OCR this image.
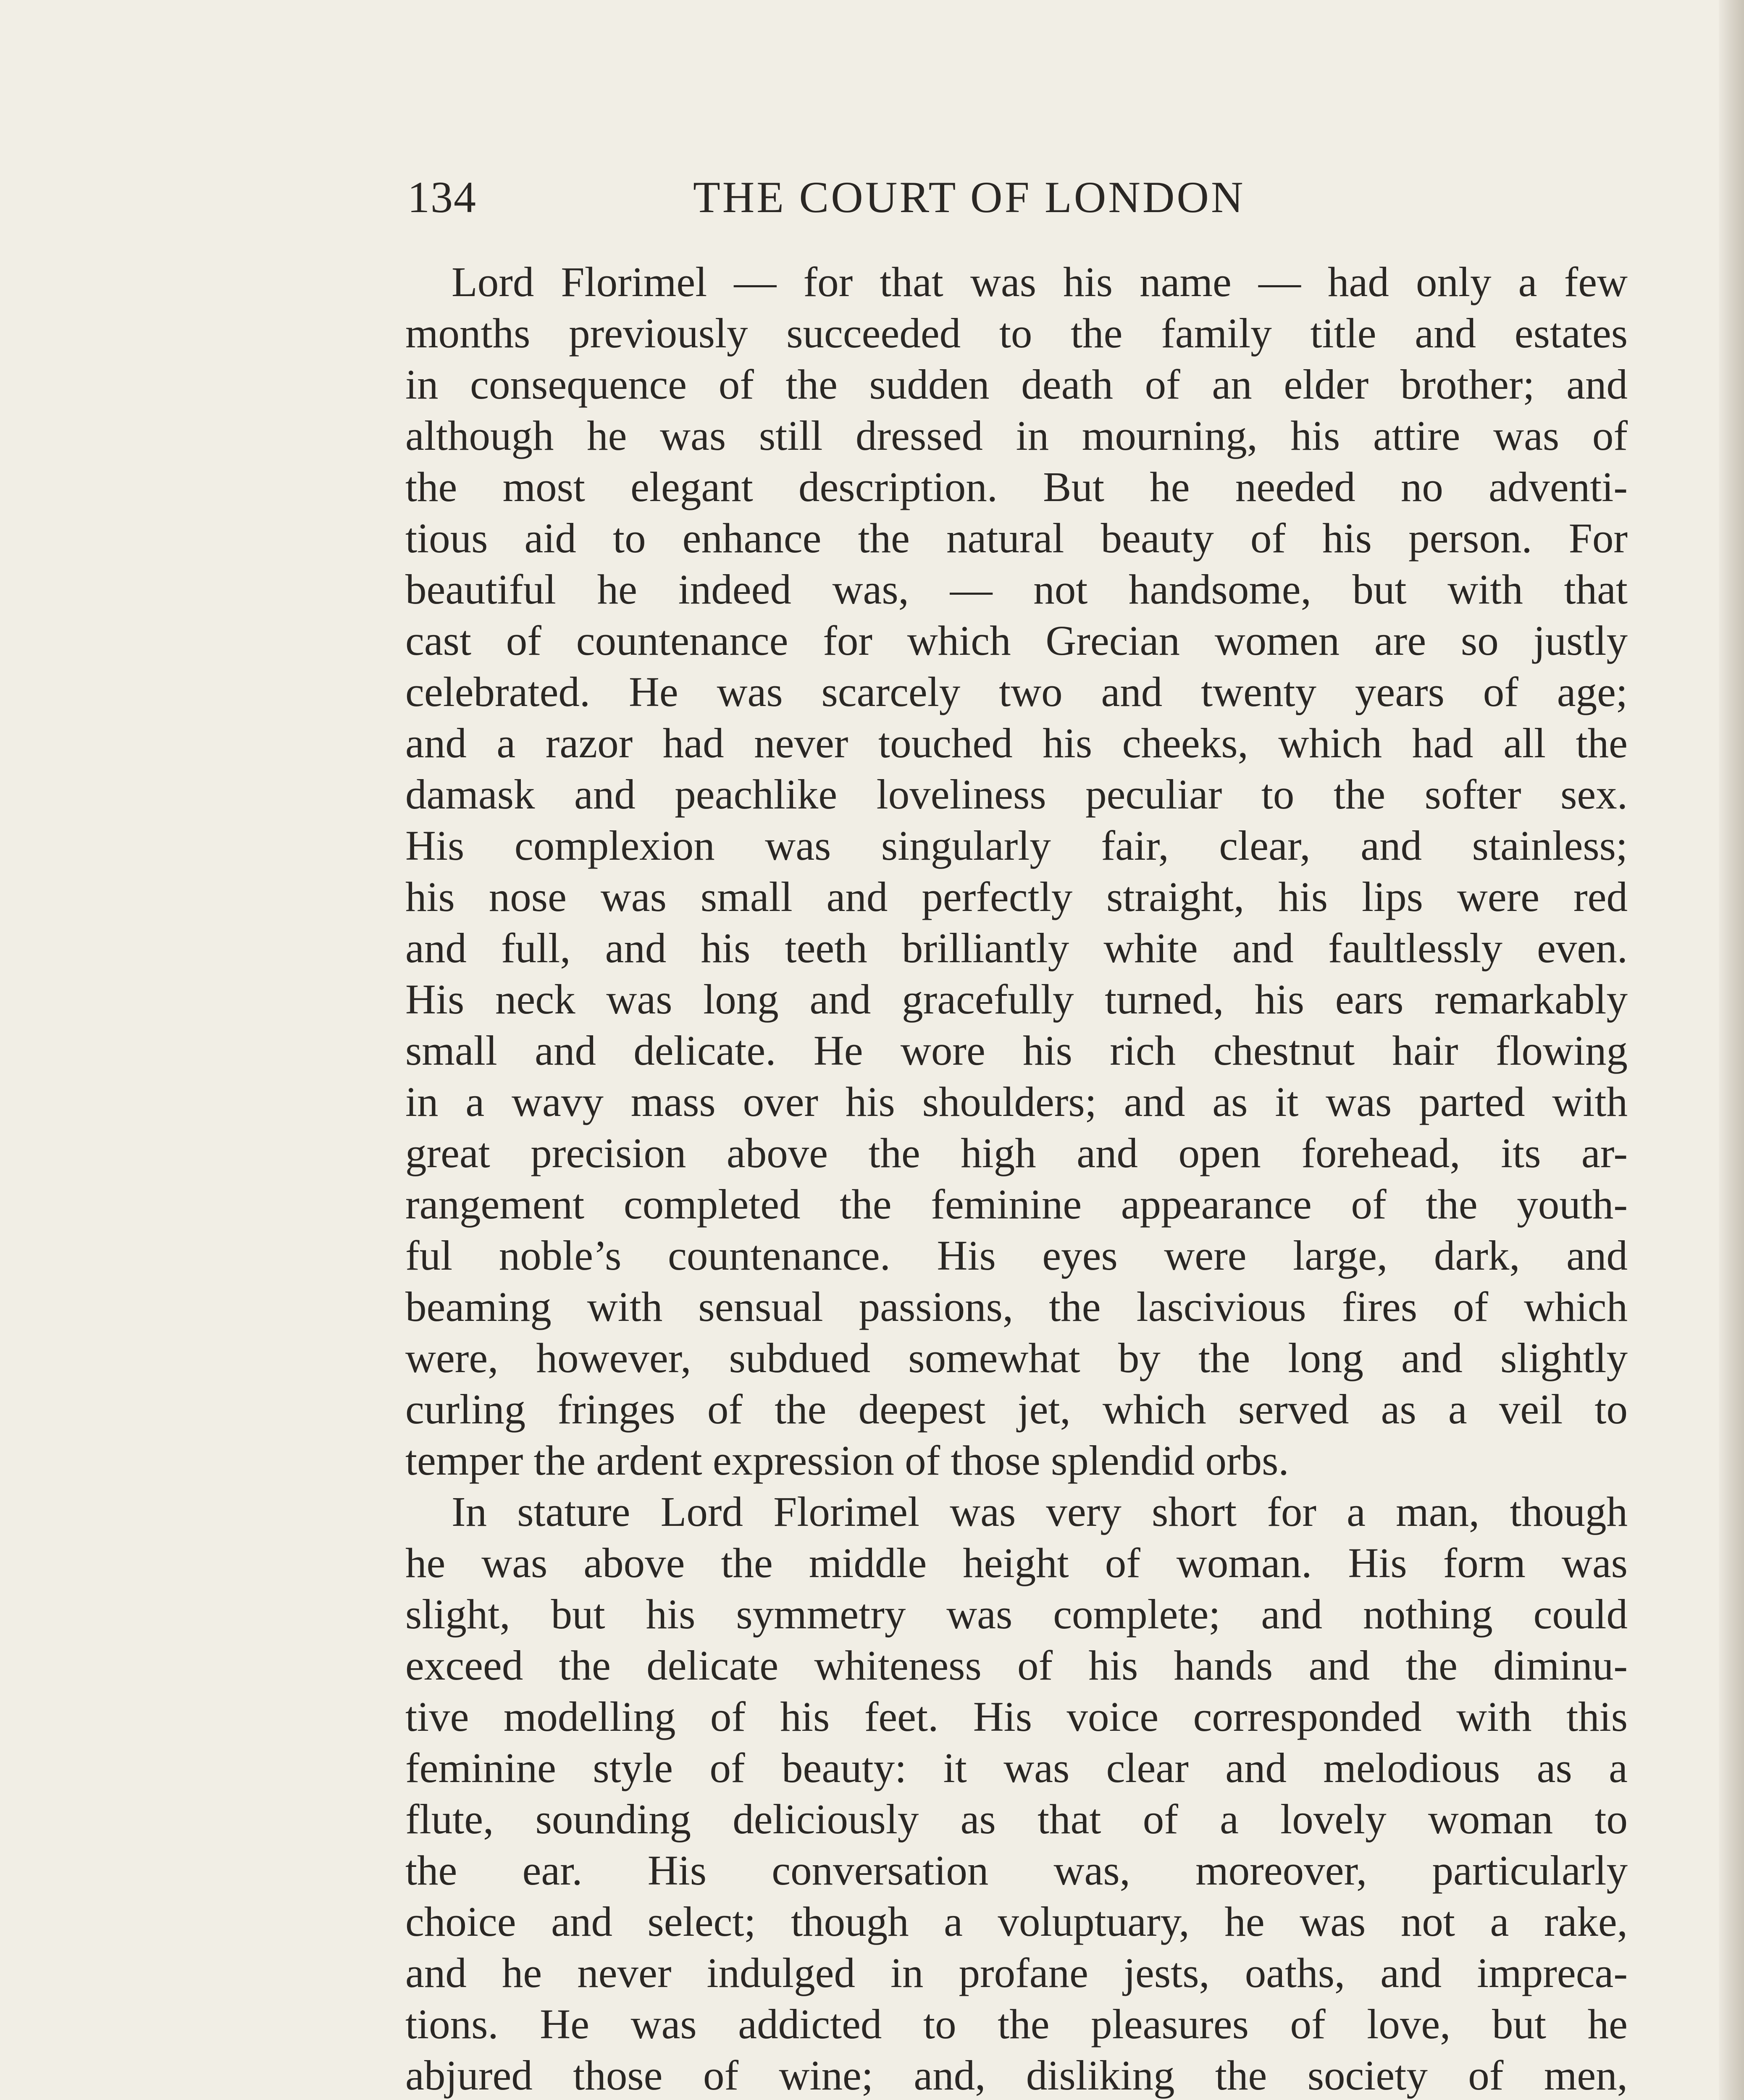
134	THE COURT OF LONDON
Lord Florimel — for that was his name — had only a few
months previously succeeded to the family title and estates
in consequence of the sudden death of an elder brother; and
although he was still dressed in mourning, his attire was of
the most elegant description. But he needed no adventi-
tious aid to enhance the natural beauty of his person. For
beautiful he indeed was, — not handsome, but with that
cast of countenance for which Grecian women are so justly
celebrated. He was scarcely two and twenty years of age;
and a razor had never touched his cheeks, which had all the
damask and peachlike loveliness peculiar to the softer sex.
His complexion was singularly fair, clear, and stainless;
his nose was small and perfectly straight, his lips were red
and full, and his teeth brilliantly white and faultlessly even.
His neck was long and gracefully turned, his ears remarkably
small and delicate. He wore his rich chestnut hair flowing
in a wavy mass over his shoulders; and as it was parted with
great precision above the high and open forehead, its ar-
rangement completed the feminine appearance of the youth-
ful noble’s countenance. His eyes were large, dark, and
beaming with sensual passions, the lascivious fires of which
were, however, subdued somewhat by the long and slightly
curling fringes of the deepest jet, which served as a veil to
temper the ardent expression of those splendid orbs.
In stature Lord Florimel was very short for a man, though
he was above the middle height of woman. His form was
slight, but his symmetry was complete; and nothing could
exceed the delicate whiteness of his hands and the diminu-
tive modelling of his feet. His voice corresponded with this
feminine style of beauty: it was clear and melodious as a
flute, sounding deliciously as that of a lovely woman to
the ear. His conversation was, moreover, particularly
choice and select; though a voluptuary, he was not a rake,
and he never indulged in profane jests, oaths, and impreca-
tions. He was addicted to the pleasures of love, but he
abjured those of wine; and, disliking the society of men,
